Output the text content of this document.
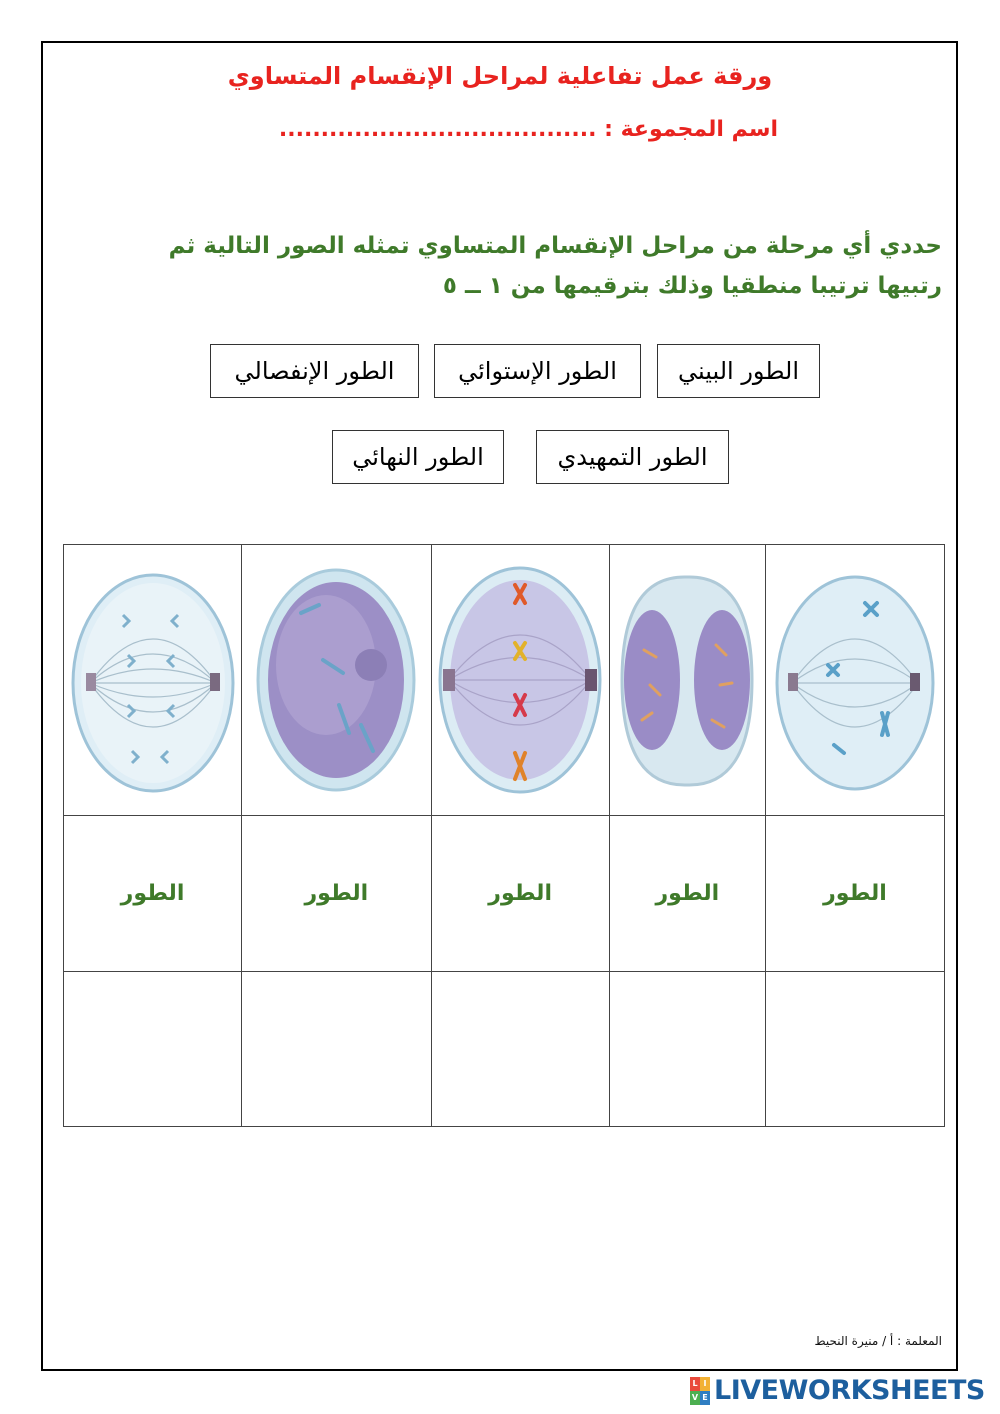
ورقة عمل تفاعلية لمراحل الإنقسام المتساوي
اسم المجموعة : ......................................
حددي أي مرحلة من مراحل الإنقسام المتساوي تمثله الصور التالية ثم رتبيها ترتيبا منطقيا وذلك بترقيمها من ١ ــ ٥
الطور البيني
الطور الإستوائي
الطور الإنفصالي
الطور التمهيدي
الطور النهائي

الطور	الطور	الطور	الطور	الطور

المعلمة : أ / منيرة النحيط
L I
V E LIVEWORKSHEETS
